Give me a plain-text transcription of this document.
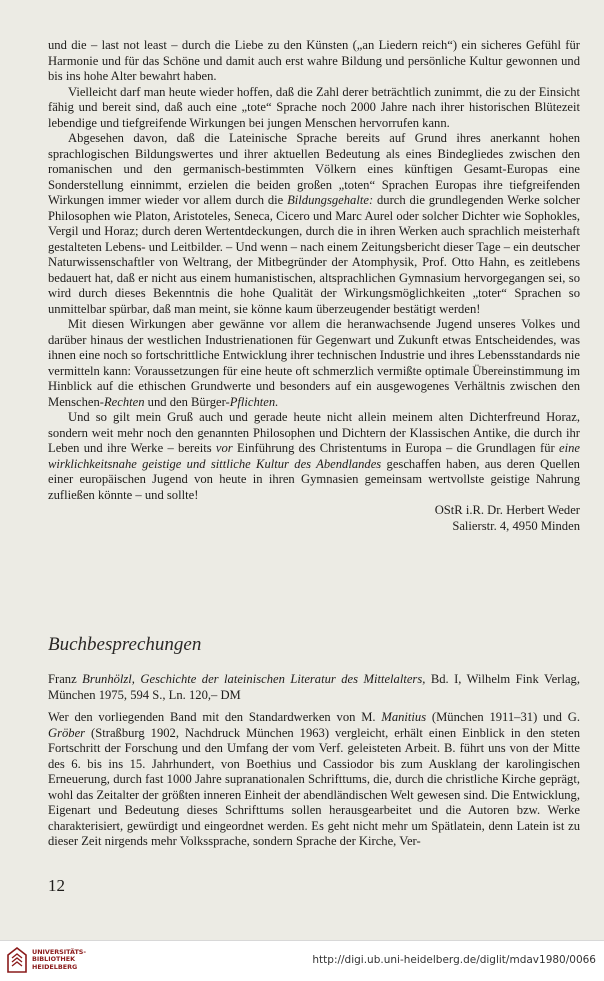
und die – last not least – durch die Liebe zu den Künsten („an Liedern reich“) ein sicheres Gefühl für Harmonie und für das Schöne und damit auch erst wahre Bildung und persönliche Kultur gewonnen und bis ins hohe Alter bewahrt haben.

Vielleicht darf man heute wieder hoffen, daß die Zahl derer beträchtlich zunimmt, die zu der Einsicht fähig und bereit sind, daß auch eine „tote“ Sprache noch 2000 Jahre nach ihrer historischen Blütezeit lebendige und tiefgreifende Wirkungen bei jungen Menschen hervorrufen kann.

Abgesehen davon, daß die Lateinische Sprache bereits auf Grund ihres anerkannt hohen sprachlogischen Bildungswertes und ihrer aktuellen Bedeutung als eines Bindegliedes zwischen den romanischen und den germanisch-bestimmten Völkern eines künftigen Gesamt-Europas eine Sonderstellung einnimmt, erzielen die beiden großen „toten“ Sprachen Europas ihre tiefgreifenden Wirkungen immer wieder vor allem durch die Bildungsgehalte: durch die grundlegenden Werke solcher Philosophen wie Platon, Aristoteles, Seneca, Cicero und Marc Aurel oder solcher Dichter wie Sophokles, Vergil und Horaz; durch deren Wertentdeckungen, durch die in ihren Werken auch sprachlich meisterhaft gestalteten Lebens- und Leitbilder. – Und wenn – nach einem Zeitungsbericht dieser Tage – ein deutscher Naturwissenschaftler von Weltrang, der Mitbegründer der Atomphysik, Prof. Otto Hahn, es zeitlebens bedauert hat, daß er nicht aus einem humanistischen, altsprachlichen Gymnasium hervorgegangen sei, so wird durch dieses Bekenntnis die hohe Qualität der Wirkungsmöglichkeiten „toter“ Sprachen so unmittelbar spürbar, daß man meint, sie könne kaum überzeugender bestätigt werden!

Mit diesen Wirkungen aber gewänne vor allem die heranwachsende Jugend unseres Volkes und darüber hinaus der westlichen Industrienationen für Gegenwart und Zukunft etwas Entscheidendes, was ihnen eine noch so fortschrittliche Entwicklung ihrer technischen Industrie und ihres Lebensstandards nie vermitteln kann: Voraussetzungen für eine heute oft schmerzlich vermißte optimale Übereinstimmung im Hinblick auf die ethischen Grundwerte und besonders auf ein ausgewogenes Verhältnis zwischen den Menschen-Rechten und den Bürger-Pflichten.

Und so gilt mein Gruß auch und gerade heute nicht allein meinem alten Dichterfreund Horaz, sondern weit mehr noch den genannten Philosophen und Dichtern der Klassischen Antike, die durch ihr Leben und ihre Werke – bereits vor Einführung des Christentums in Europa – die Grundlagen für eine wirklichkeitsnahe geistige und sittliche Kultur des Abendlandes geschaffen haben, aus deren Quellen einer europäischen Jugend von heute in ihren Gymnasien gemeinsam wertvollste geistige Nahrung zufließen könnte – und sollte!

OStR i.R. Dr. Herbert Weder
Salierstr. 4, 4950 Minden
Buchbesprechungen
Franz Brunhölzl, Geschichte der lateinischen Literatur des Mittelalters, Bd. I, Wilhelm Fink Verlag, München 1975, 594 S., Ln. 120,– DM

Wer den vorliegenden Band mit den Standardwerken von M. Manitius (München 1911–31) und G. Gröber (Straßburg 1902, Nachdruck München 1963) vergleicht, erhält einen Einblick in den steten Fortschritt der Forschung und den Umfang der vom Verf. geleisteten Arbeit. B. führt uns von der Mitte des 6. bis ins 15. Jahrhundert, von Boethius und Cassiodor bis zum Ausklang der karolingischen Erneuerung, durch fast 1000 Jahre supranationalen Schrifttums, die, durch die christliche Kirche geprägt, wohl das Zeitalter der größten inneren Einheit der abendländischen Welt gewesen sind. Die Entwicklung, Eigenart und Bedeutung dieses Schrifttums sollen herausgearbeitet und die Autoren bzw. Werke charakterisiert, gewürdigt und eingeordnet werden. Es geht nicht mehr um Spätlatein, denn Latein ist zu dieser Zeit nirgends mehr Volkssprache, sondern Sprache der Kirche, Ver-

12
UNIVERSITÄTS-
BIBLIOTHEK
HEIDELBERG
http://digi.ub.uni-heidelberg.de/diglit/mdav1980/0066
